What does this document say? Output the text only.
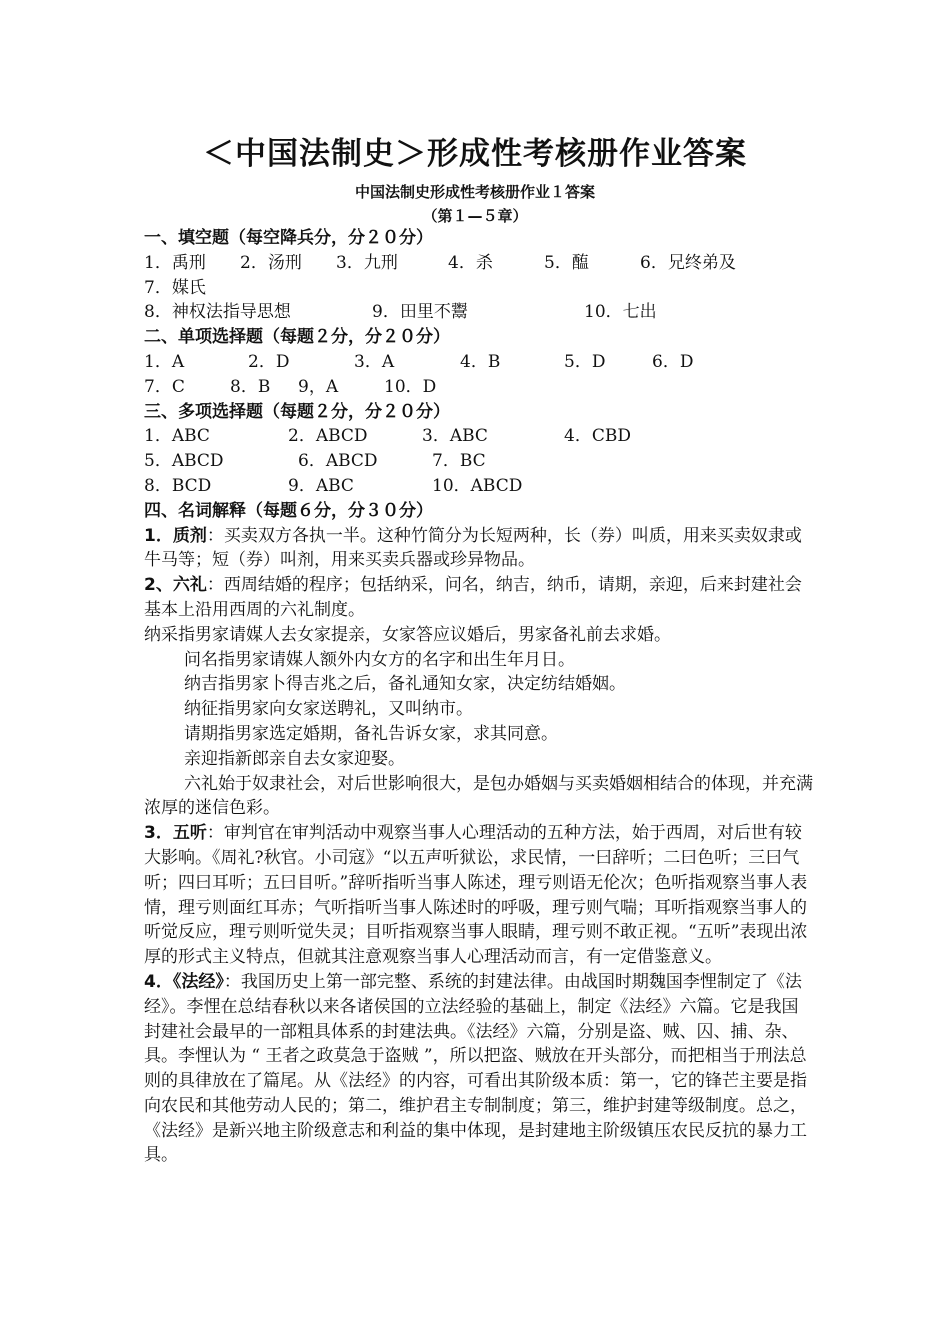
＜中国法制史＞形成性考核册作业答案
中国法制史形成性考核册作业１答案
（第１—５章）
一、填空题（每空降兵分，分２０分）
1．禹刑 2．汤刑 3．九刑	4．杀	5．醢	6．兄终弟及
7．媒氏
8．神权法指导思想	9．田里不鬻	10．七出
二、单项选择题（每题２分，分２０分）
1．A	2．D	3．A	4．B	5．D	6．D
7．C	8．B 9，A	10．D
三、多项选择题（每题２分，分２０分）
1．ABC	2．ABCD	3．ABC	4．CBD
5．ABCD	6．ABCD	7．BC
8．BCD	9．ABC	10．ABCD
四、名词解释（每题６分，分３０分）

1．质剂：买卖双方各执一半。这种竹简分为长短两种，长（券）叫质，用来买卖奴隶或牛马等；短（券）叫剂，用来买卖兵器或珍异物品。

2、六礼：西周结婚的程序；包括纳采，问名，纳吉，纳币，请期，亲迎，后来封建社会基本上沿用西周的六礼制度。

纳采指男家请媒人去女家提亲，女家答应议婚后，男家备礼前去求婚。

问名指男家请媒人额外内女方的名字和出生年月日。

纳吉指男家卜得吉兆之后，备礼通知女家，决定纺结婚姻。

纳征指男家向女家送聘礼，又叫纳市。

请期指男家选定婚期，备礼告诉女家，求其同意。

亲迎指新郎亲自去女家迎娶。

六礼始于奴隶社会，对后世影响很大，是包办婚姻与买卖婚姻相结合的体现，并充满浓厚的迷信色彩。

3．五听：审判官在审判活动中观察当事人心理活动的五种方法，始于西周，对后世有较大影响。《周礼?秋官。小司寇》“以五声听狱讼，求民情，一曰辞听；二曰色听；三曰气听；四曰耳听；五曰目听。”辞听指听当事人陈述，理亏则语无伦次；色听指观察当事人表情，理亏则面红耳赤；气听指听当事人陈述时的呼吸，理亏则气喘；耳听指观察当事人的听觉反应，理亏则听觉失灵；目听指观察当事人眼睛，理亏则不敢正视。“五听”表现出浓厚的形式主义特点，但就其注意观察当事人心理活动而言，有一定借鉴意义。

4．《法经》：我国历史上第一部完整、系统的封建法律。由战国时期魏国李悝制定了《法经》。李悝在总结春秋以来各诸侯国的立法经验的基础上，制定《法经》六篇。它是我国封建社会最早的一部粗具体系的封建法典。《法经》六篇，分别是盗、贼、囚、捕、杂、具。李悝认为 “ 王者之政莫急于盗贼 ”，所以把盗、贼放在开头部分，而把相当于刑法总则的具律放在了篇尾。从《法经》的内容，可看出其阶级本质：第一，它的锋芒主要是指向农民和其他劳动人民的；第二，维护君主专制制度；第三，维护封建等级制度。总之，《法经》是新兴地主阶级意志和利益的集中体现，是封建地主阶级镇压农民反抗的暴力工具。
